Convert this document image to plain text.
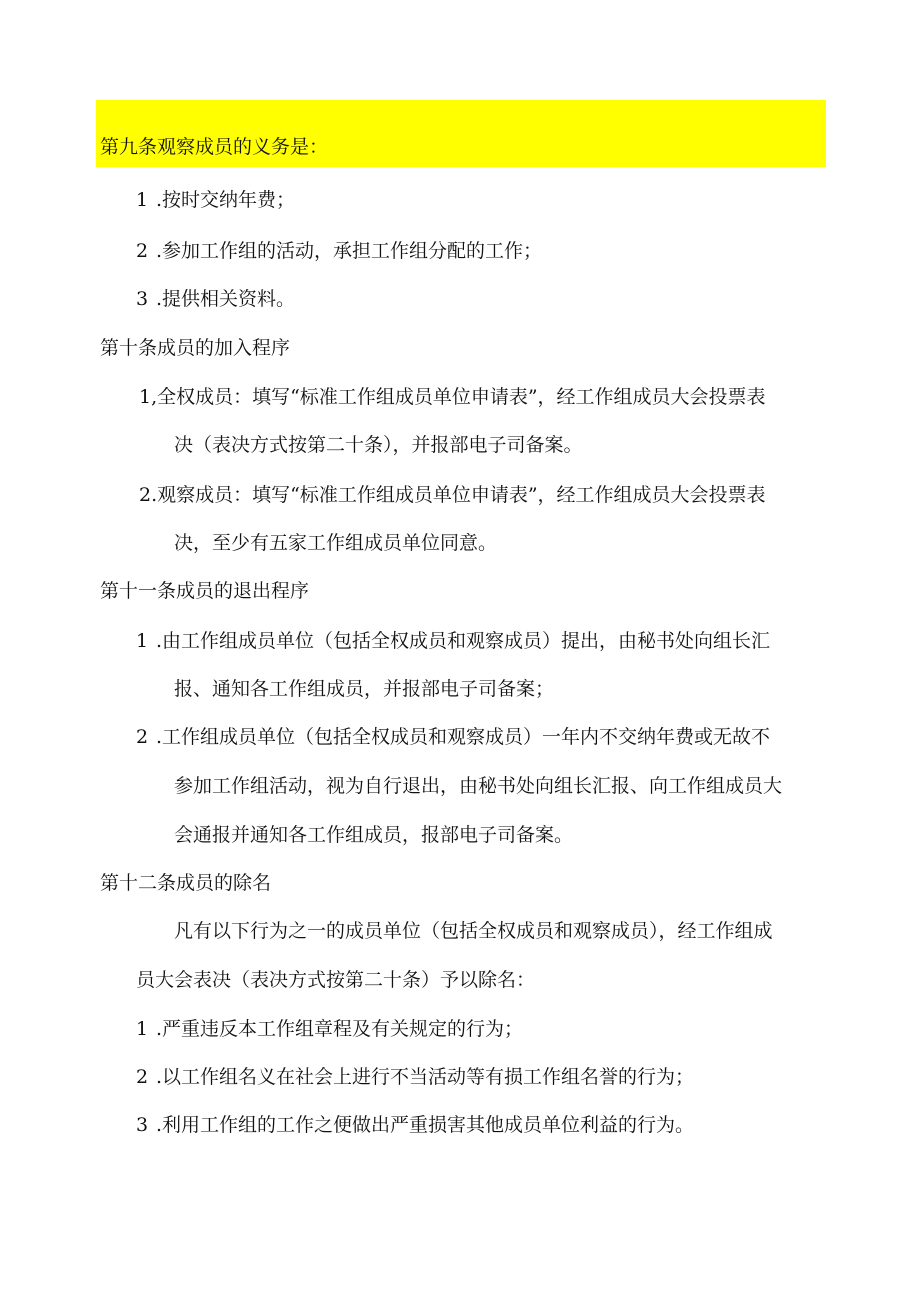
第九条观察成员的义务是：
1 .按时交纳年费；
2 .参加工作组的活动，承担工作组分配的工作；
3 .提供相关资料。
第十条成员的加入程序
1,全权成员：填写“标准工作组成员单位申请表”，经工作组成员大会投票表
决（表决方式按第二十条），并报部电子司备案。
2.观察成员：填写“标准工作组成员单位申请表”，经工作组成员大会投票表
决，至少有五家工作组成员单位同意。
第十一条成员的退出程序
1 .由工作组成员单位（包括全权成员和观察成员）提出，由秘书处向组长汇
报、通知各工作组成员，并报部电子司备案；
2 .工作组成员单位（包括全权成员和观察成员）一年内不交纳年费或无故不
参加工作组活动，视为自行退出，由秘书处向组长汇报、向工作组成员大
会通报并通知各工作组成员，报部电子司备案。
第十二条成员的除名
凡有以下行为之一的成员单位（包括全权成员和观察成员），经工作组成
员大会表决（表决方式按第二十条）予以除名：
1 .严重违反本工作组章程及有关规定的行为；
2 .以工作组名义在社会上进行不当活动等有损工作组名誉的行为；
3 .利用工作组的工作之便做出严重损害其他成员单位利益的行为。
